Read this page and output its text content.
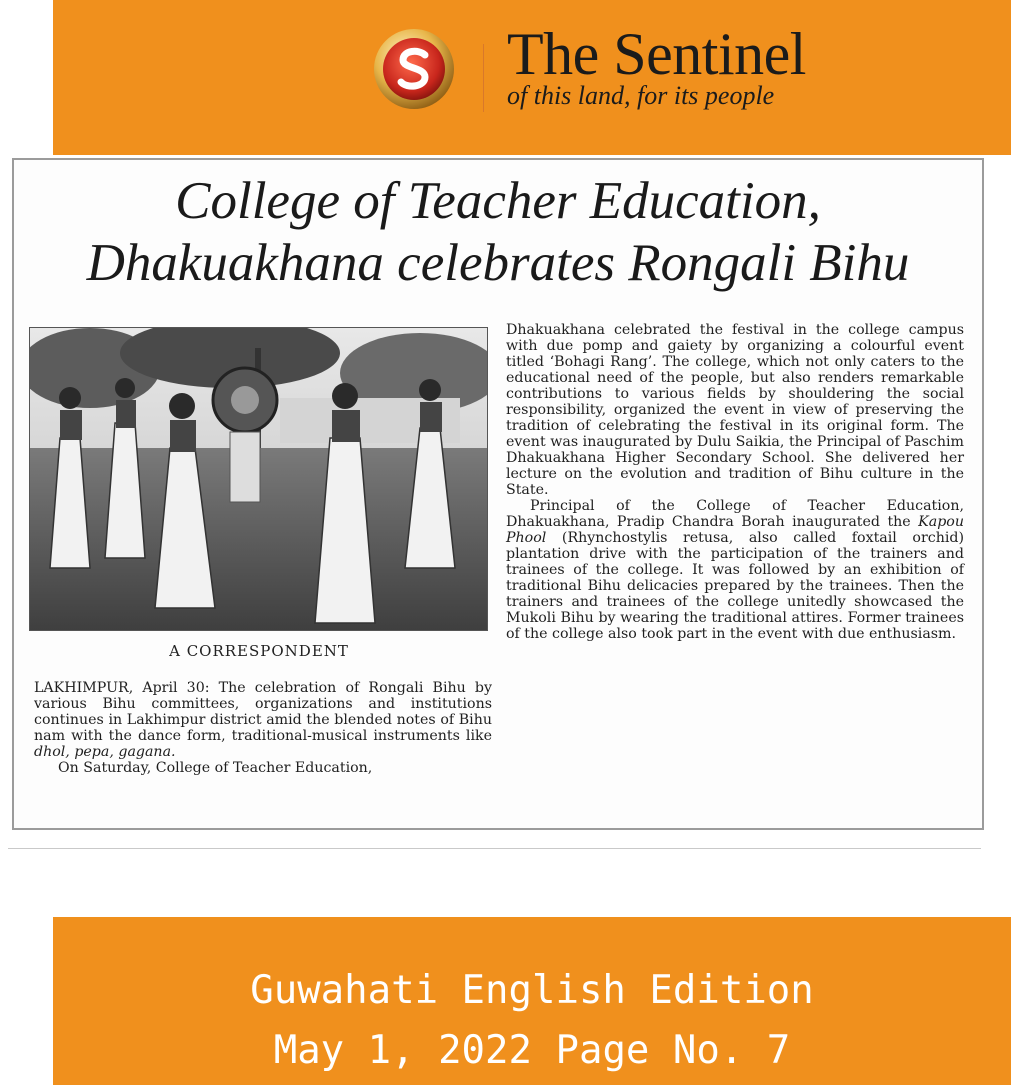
The Sentinel
of this land, for its people
College of Teacher Education,
Dhakuakhana celebrates Rongali Bihu
A CORRESPONDENT

LAKHIMPUR, April 30: The celebration of Rongali Bihu by various Bihu committees, organizations and institutions continues in Lakhimpur district amid the blended notes of Bihu nam with the dance form, traditional-musical instruments like dhol, pepa, gagana.

On Saturday, College of Teacher Education,

Dhakuakhana celebrated the festival in the college campus with due pomp and gaiety by organizing a colourful event titled ‘Bohagi Rang’. The college, which not only caters to the educational need of the people, but also renders remarkable contributions to various fields by shouldering the social responsibility, organized the event in view of preserving the tradition of celebrating the festival in its original form. The event was inaugurated by Dulu Saikia, the Principal of Paschim Dhakuakhana Higher Secondary School. She delivered her lecture on the evolution and tradition of Bihu culture in the State.

Principal of the College of Teacher Education, Dhakuakhana, Pradip Chandra Borah inaugurated the Kapou Phool (Rhynchostylis retusa, also called foxtail orchid) plantation drive with the participation of the trainers and trainees of the college. It was followed by an exhibition of traditional Bihu delicacies prepared by the trainees. Then the trainers and trainees of the college unitedly showcased the Mukoli Bihu by wearing the traditional attires. Former trainees of the college also took part in the event with due enthusiasm.

Guwahati English Edition
May 1, 2022 Page No. 7
